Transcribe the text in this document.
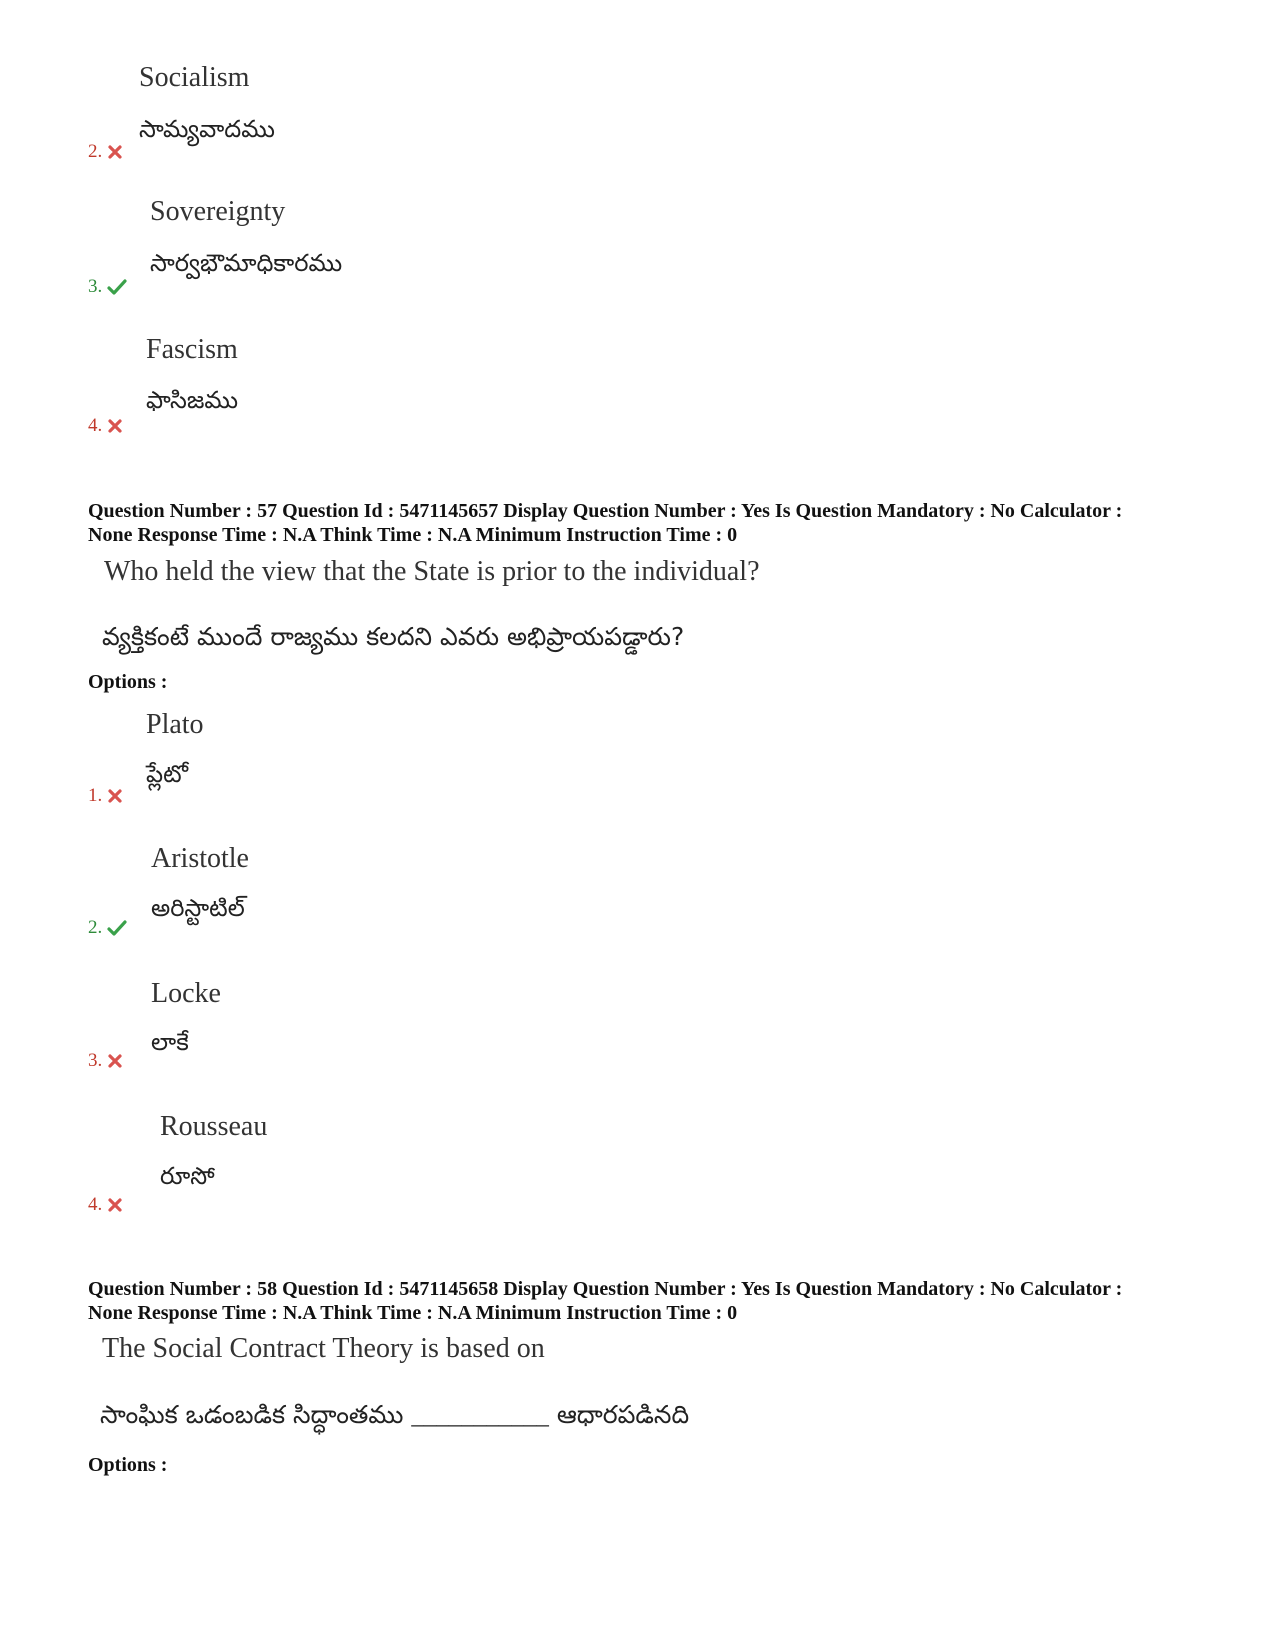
Socialism
సామ్యవాదము
2.
Sovereignty
సార్వభౌమాధికారము
3.
Fascism
ఫాసిజము
4.
Question Number : 57 Question Id : 5471145657 Display Question Number : Yes Is Question Mandatory : No Calculator :
None Response Time : N.A Think Time : N.A Minimum Instruction Time : 0
Who held the view that the State is prior to the individual?
వ్యక్తికంటే ముందే రాజ్యము కలదని ఎవరు అభిప్రాయపడ్డారు?
Options :
Plato
ప్లేటో
1.
Aristotle
అరిస్టాటిల్
2.
Locke
లాకే
3.
Rousseau
రూసో
4.
Question Number : 58 Question Id : 5471145658 Display Question Number : Yes Is Question Mandatory : No Calculator :
None Response Time : N.A Think Time : N.A Minimum Instruction Time : 0
The Social Contract Theory is based on
సాంఘిక ఒడంబడిక సిద్ధాంతము ___________ ఆధారపడినది
Options :
